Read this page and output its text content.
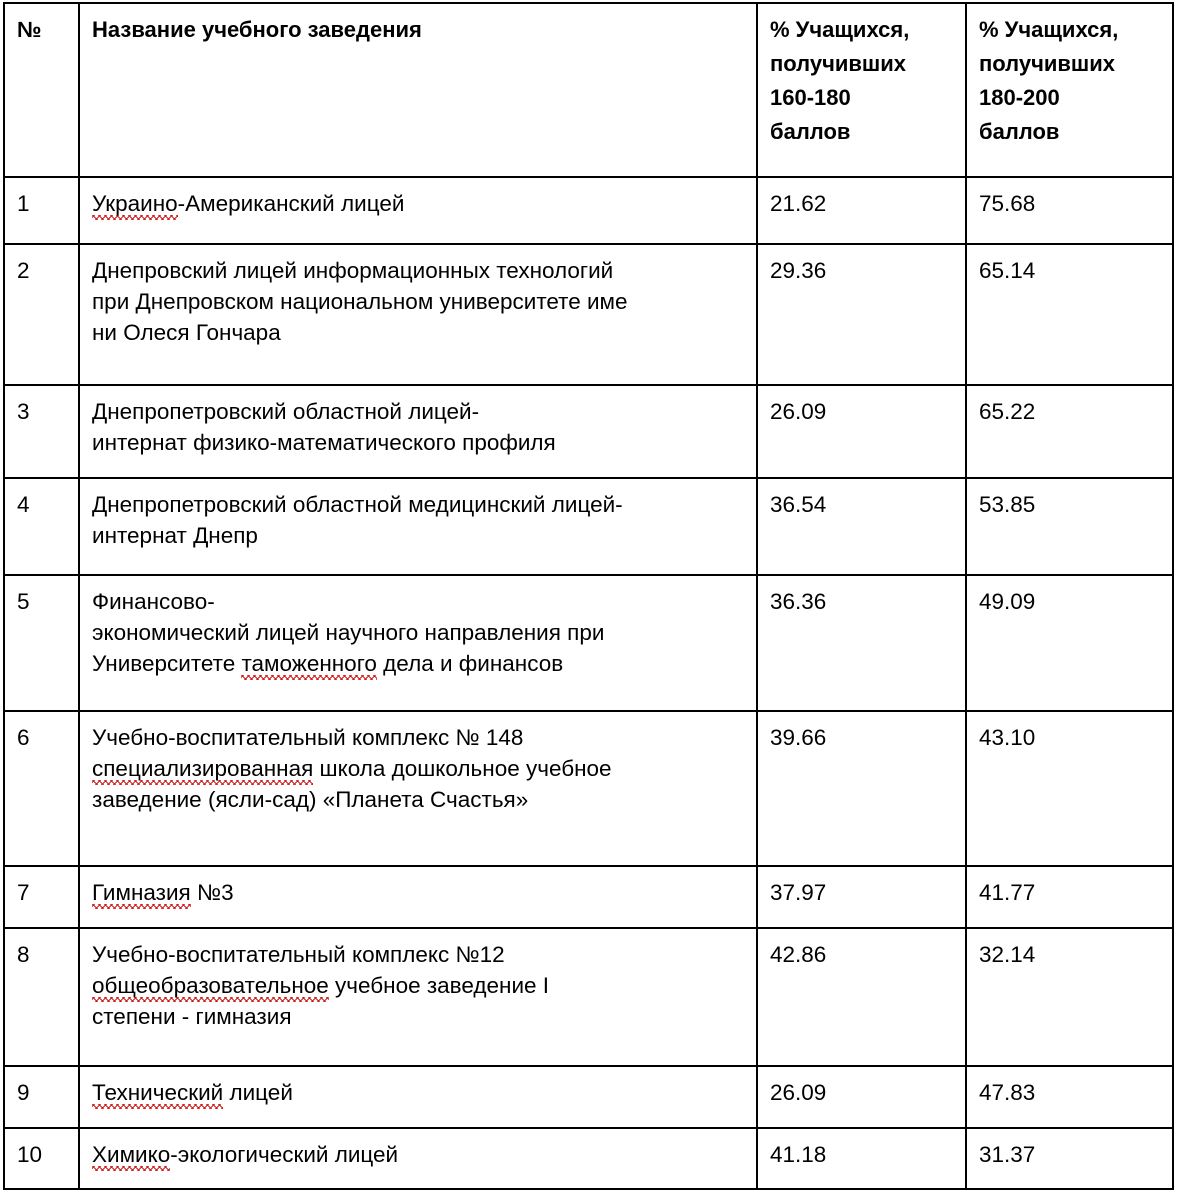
№	Название учебного заведения	% Учащихся,
получивших
160-180
баллов	% Учащихся,
получивших
180-200
баллов
1	Украино-Американский лицей	21.62	75.68
2	Днепровский лицей информационных технологий
при Днепровском национальном университете име
ни Олеся Гончара	29.36	65.14
3	Днепропетровский областной лицей-
интернат физико-математического профиля	26.09	65.22
4	Днепропетровский областной медицинский лицей-
интернат Днепр	36.54	53.85
5	Финансово-
экономический лицей научного направления при
Университете таможенного дела и финансов	36.36	49.09
6	Учебно-воспитательный комплекс № 148
специализированная школа дошкольное учебное
заведение (ясли-сад) «Планета Счастья»	39.66	43.10
7	Гимназия №3	37.97	41.77
8	Учебно-воспитательный комплекс №12
общеобразовательное учебное заведение I
степени - гимназия	42.86	32.14
9	Технический лицей	26.09	47.83
10	Химико-экологический лицей	41.18	31.37
